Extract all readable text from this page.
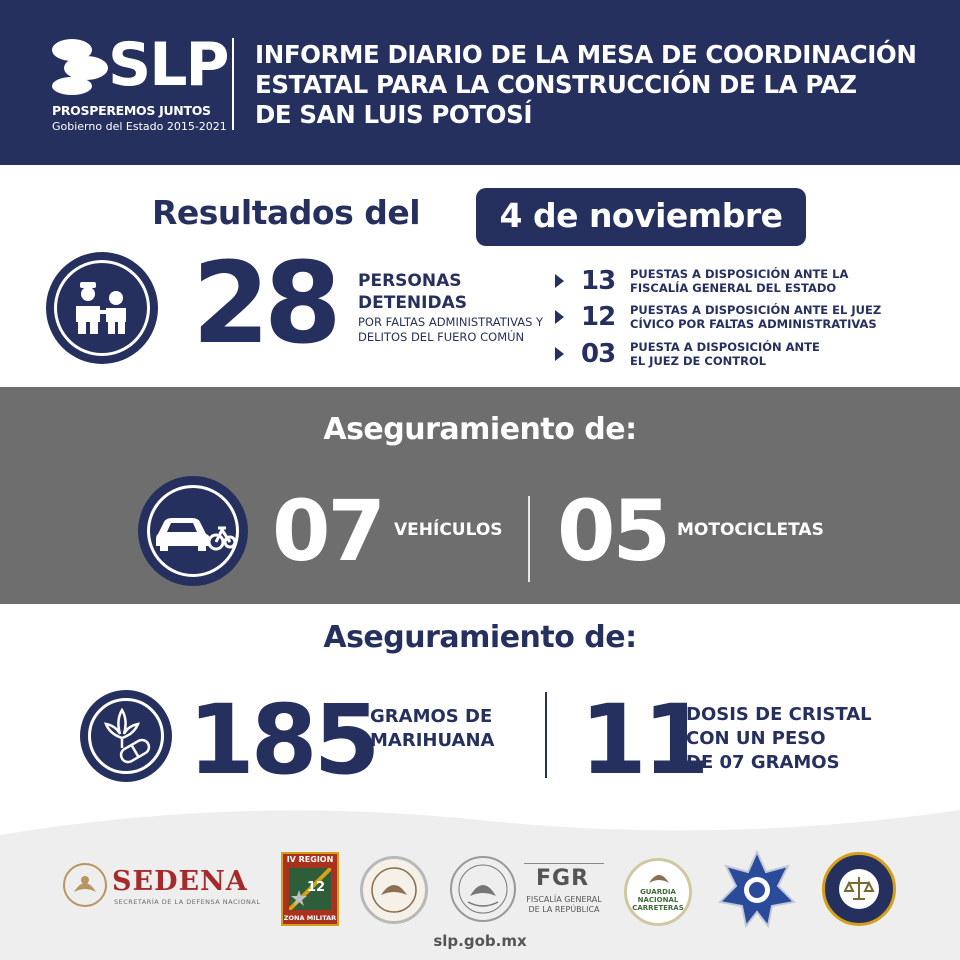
SLP
PROSPEREMOS JUNTOS
Gobierno del Estado 2015-2021
INFORME DIARIO DE LA MESA DE COORDINACIÓN
ESTATAL PARA LA CONSTRUCCIÓN DE LA PAZ
DE SAN LUIS POTOSÍ
Resultados del	4 de noviembre
28 PERSONAS
DETENIDAS
POR FALTAS ADMINISTRATIVAS Y
DELITOS DEL FUERO COMÚN
13 PUESTAS A DISPOSICIÓN ANTE LA
FISCALÍA GENERAL DEL ESTADO
12 PUESTAS A DISPOSICIÓN ANTE EL JUEZ
CÍVICO POR FALTAS ADMINISTRATIVAS
03 PUESTA A DISPOSICIÓN ANTE
EL JUEZ DE CONTROL
Aseguramiento de:
07 VEHÍCULOS 05 MOTOCICLETAS
Aseguramiento de:
185
GRAMOS DE
MARIHUANA 11
DOSIS DE CRISTAL
CON UN PESO
DE 07 GRAMOS
SEDENA
SECRETARÍA DE LA DEFENSA NACIONAL
IV REGION
12
ZONA MILITAR
FGR
FISCALÍA GENERAL
DE LA REPÚBLICA
GUARDIA
NACIONAL
CARRETERAS
slp.gob.mx
